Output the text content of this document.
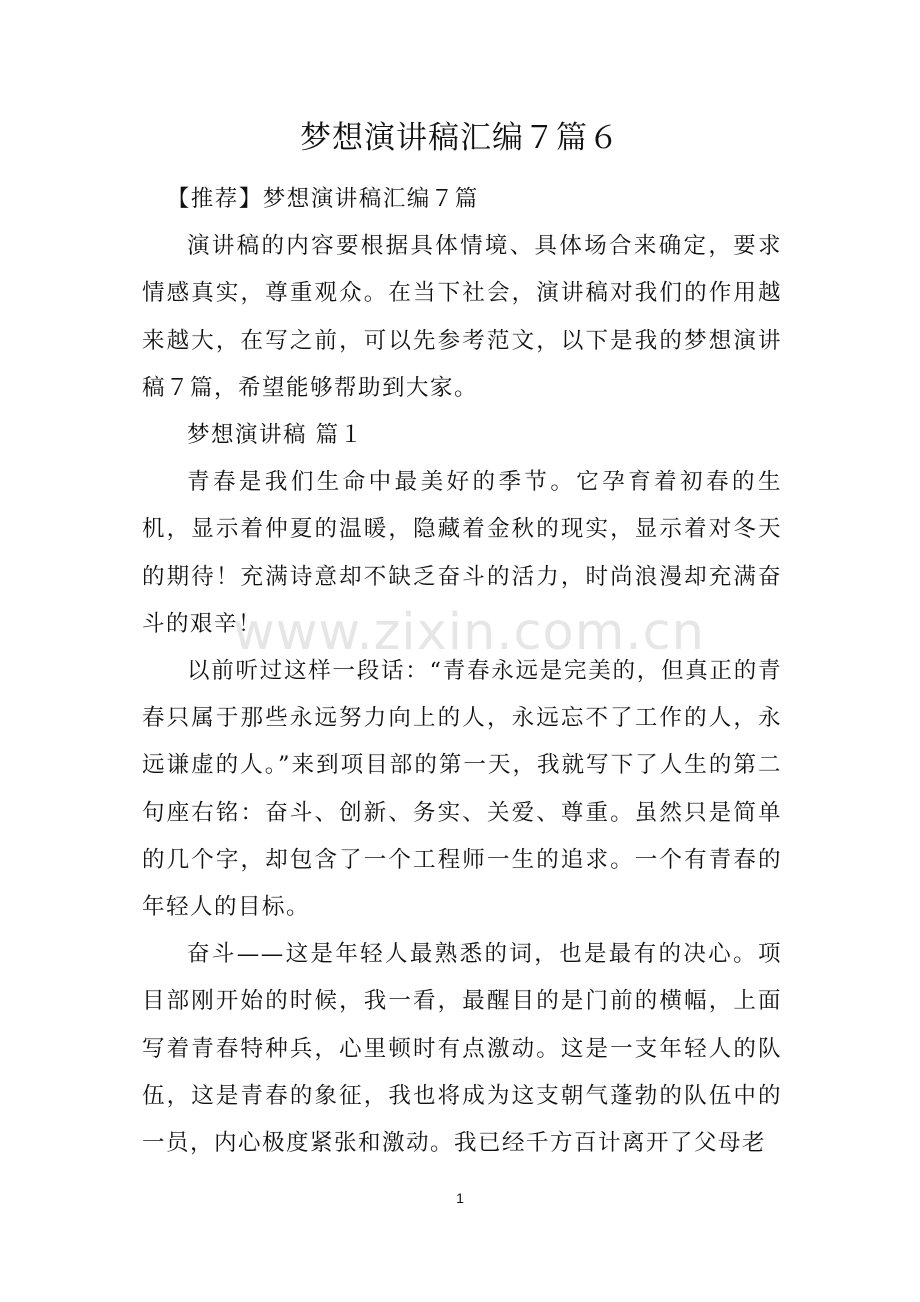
梦想演讲稿汇编７篇６

【推荐】梦想演讲稿汇编７篇

演讲稿的内容要根据具体情境、具体场合来确定，要求情感真实，尊重观众。在当下社会，演讲稿对我们的作用越来越大，在写之前，可以先参考范文，以下是我的梦想演讲稿７篇，希望能够帮助到大家。

梦想演讲稿 篇１

青春是我们生命中最美好的季节。它孕育着初春的生机，显示着仲夏的温暖，隐藏着金秋的现实，显示着对冬天的期待！充满诗意却不缺乏奋斗的活力，时尚浪漫却充满奋斗的艰辛！

以前听过这样一段话：“青春永远是完美的，但真正的青春只属于那些永远努力向上的人，永远忘不了工作的人，永远谦虚的人。”来到项目部的第一天，我就写下了人生的第二句座右铭：奋斗、创新、务实、关爱、尊重。虽然只是简单的几个字，却包含了一个工程师一生的追求。一个有青春的年轻人的目标。

奋斗——这是年轻人最熟悉的词，也是最有的决心。项目部刚开始的时候，我一看，最醒目的是门前的横幅，上面写着青春特种兵，心里顿时有点激动。这是一支年轻人的队伍，这是青春的象征，我也将成为这支朝气蓬勃的队伍中的一员，内心极度紧张和激动。我已经千方百计离开了父母老

www.zixin.com.cn
1
